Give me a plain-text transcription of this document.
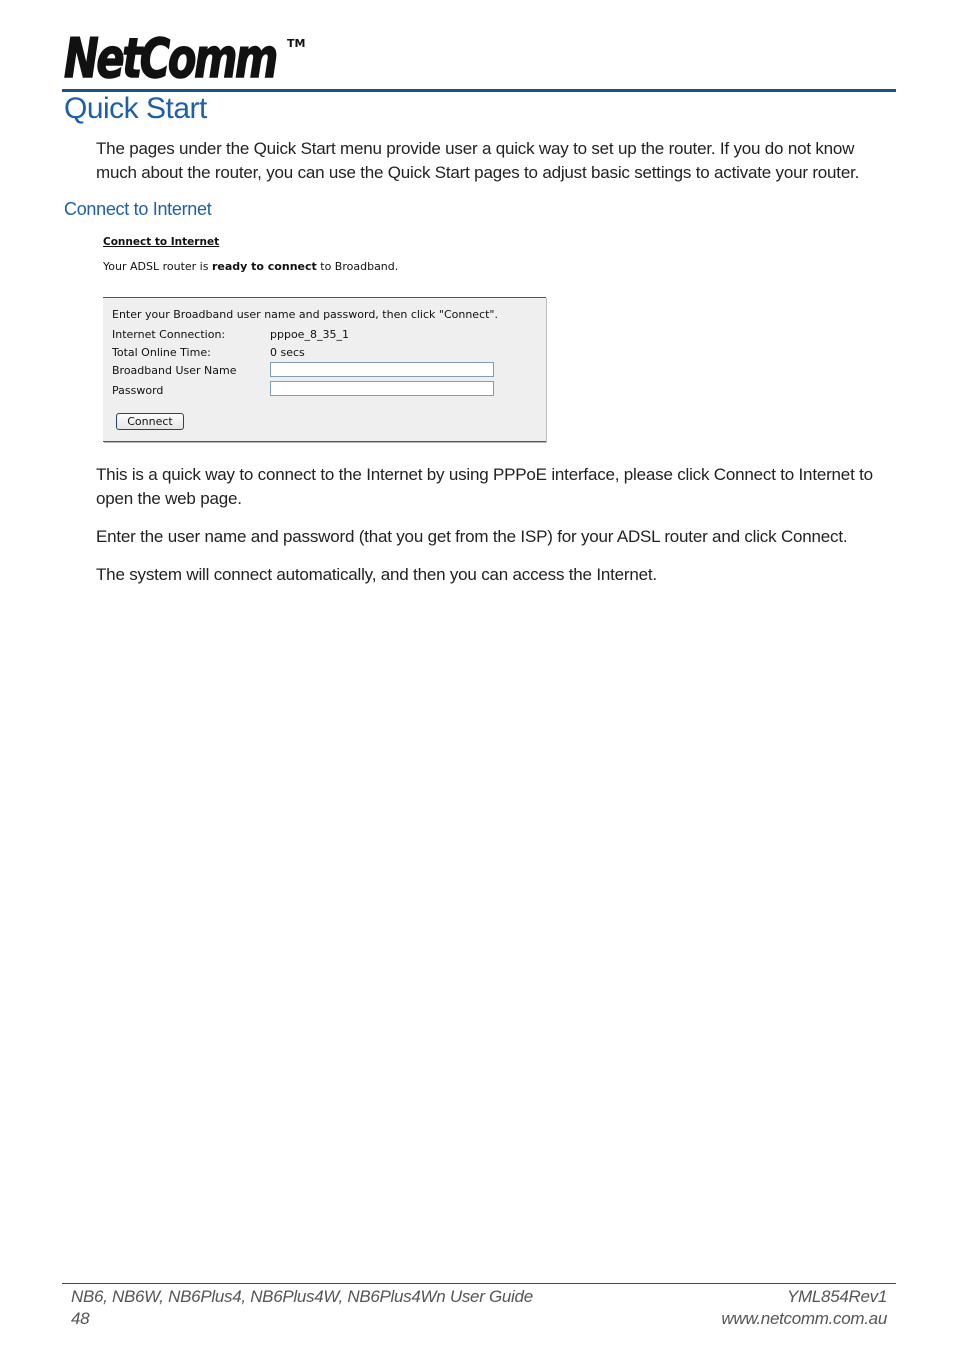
NetComm TM
Quick Start

The pages under the Quick Start menu provide user a quick way to set up the router. If you do not know much about the router, you can use the Quick Start pages to adjust basic settings to activate your router.

Connect to Internet
Connect to Internet
Your ADSL router is ready to connect to Broadband.
Enter your Broadband user name and password, then click "Connect".
Internet Connection:	pppoe_8_35_1
Total Online Time:	0 secs
Broadband User Name
Password
Connect

This is a quick way to connect to the Internet by using PPPoE interface, please click Connect to Internet to open the web page.

Enter the user name and password (that you get from the ISP) for your ADSL router and click Connect.

The system will connect automatically, and then you can access the Internet.

NB6, NB6W, NB6Plus4, NB6Plus4W, NB6Plus4Wn User Guide
48
YML854Rev1
www.netcomm.com.au
